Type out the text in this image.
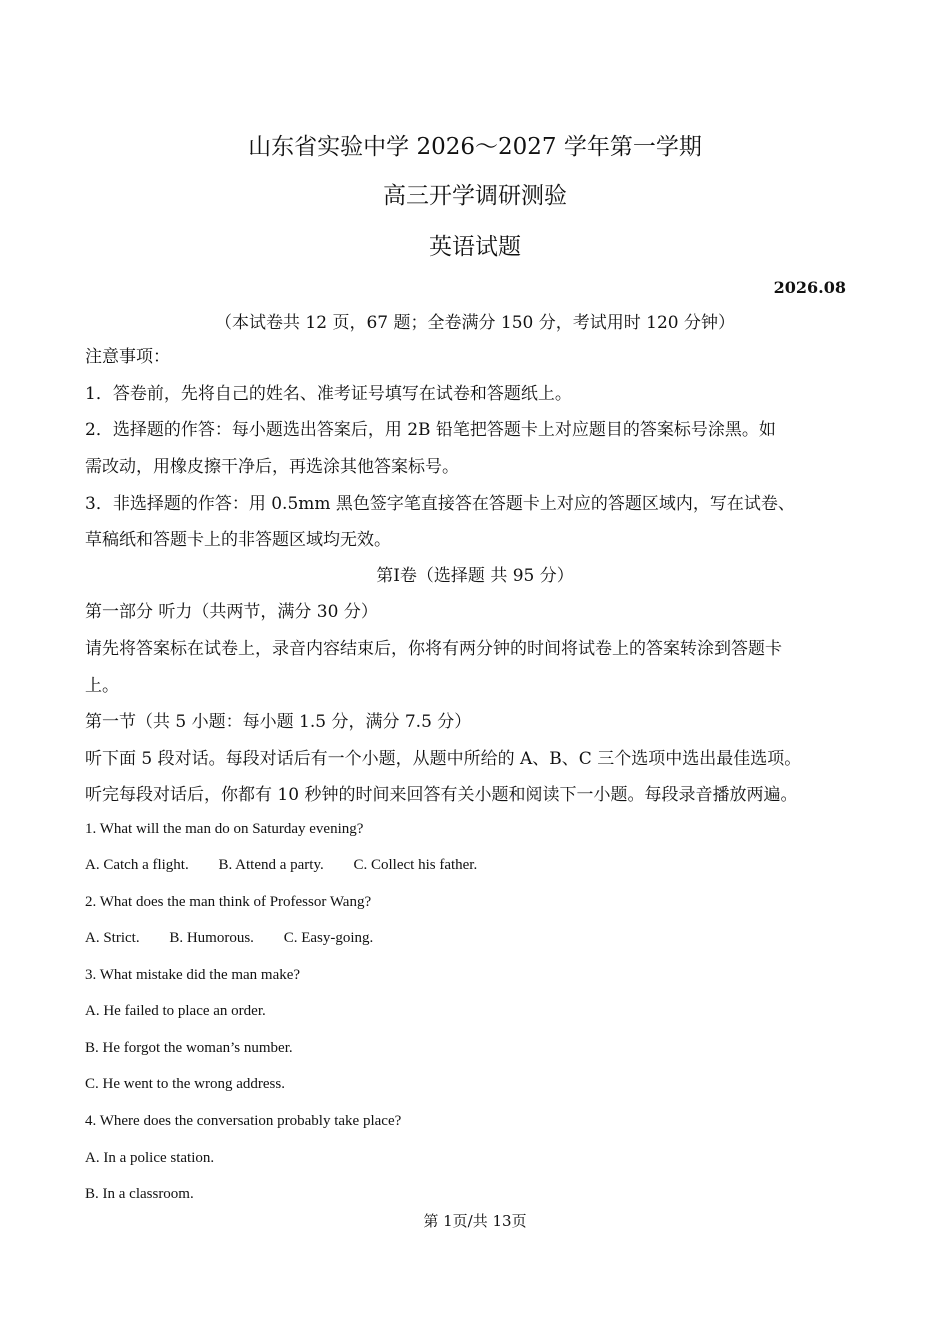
山东省实验中学 2026～2027 学年第一学期
高三开学调研测验
英语试题
2026.08
（本试卷共 12 页，67 题；全卷满分 150 分，考试用时 120 分钟）
注意事项：
1．答卷前，先将自己的姓名、准考证号填写在试卷和答题纸上。
2．选择题的作答：每小题选出答案后，用 2B 铅笔把答题卡上对应题目的答案标号涂黑。如
需改动，用橡皮擦干净后，再选涂其他答案标号。
3．非选择题的作答：用 0.5mm 黑色签字笔直接答在答题卡上对应的答题区域内，写在试卷、
草稿纸和答题卡上的非答题区域均无效。
第Ⅰ卷（选择题 共 95 分）
第一部分 听力（共两节，满分 30 分）
请先将答案标在试卷上，录音内容结束后，你将有两分钟的时间将试卷上的答案转涂到答题卡
上。
第一节（共 5 小题：每小题 1.5 分，满分 7.5 分）
听下面 5 段对话。每段对话后有一个小题，从题中所给的 A、B、C 三个选项中选出最佳选项。
听完每段对话后，你都有 10 秒钟的时间来回答有关小题和阅读下一小题。每段录音播放两遍。
1. What will the man do on Saturday evening?
A. Catch a flight. B. Attend a party. C. Collect his father.
2. What does the man think of Professor Wang?
A. Strict. B. Humorous. C. Easy-going.
3. What mistake did the man make?
A. He failed to place an order.
B. He forgot the woman’s number.
C. He went to the wrong address.
4. Where does the conversation probably take place?
A. In a police station.
B. In a classroom.
第 1页/共 13页
